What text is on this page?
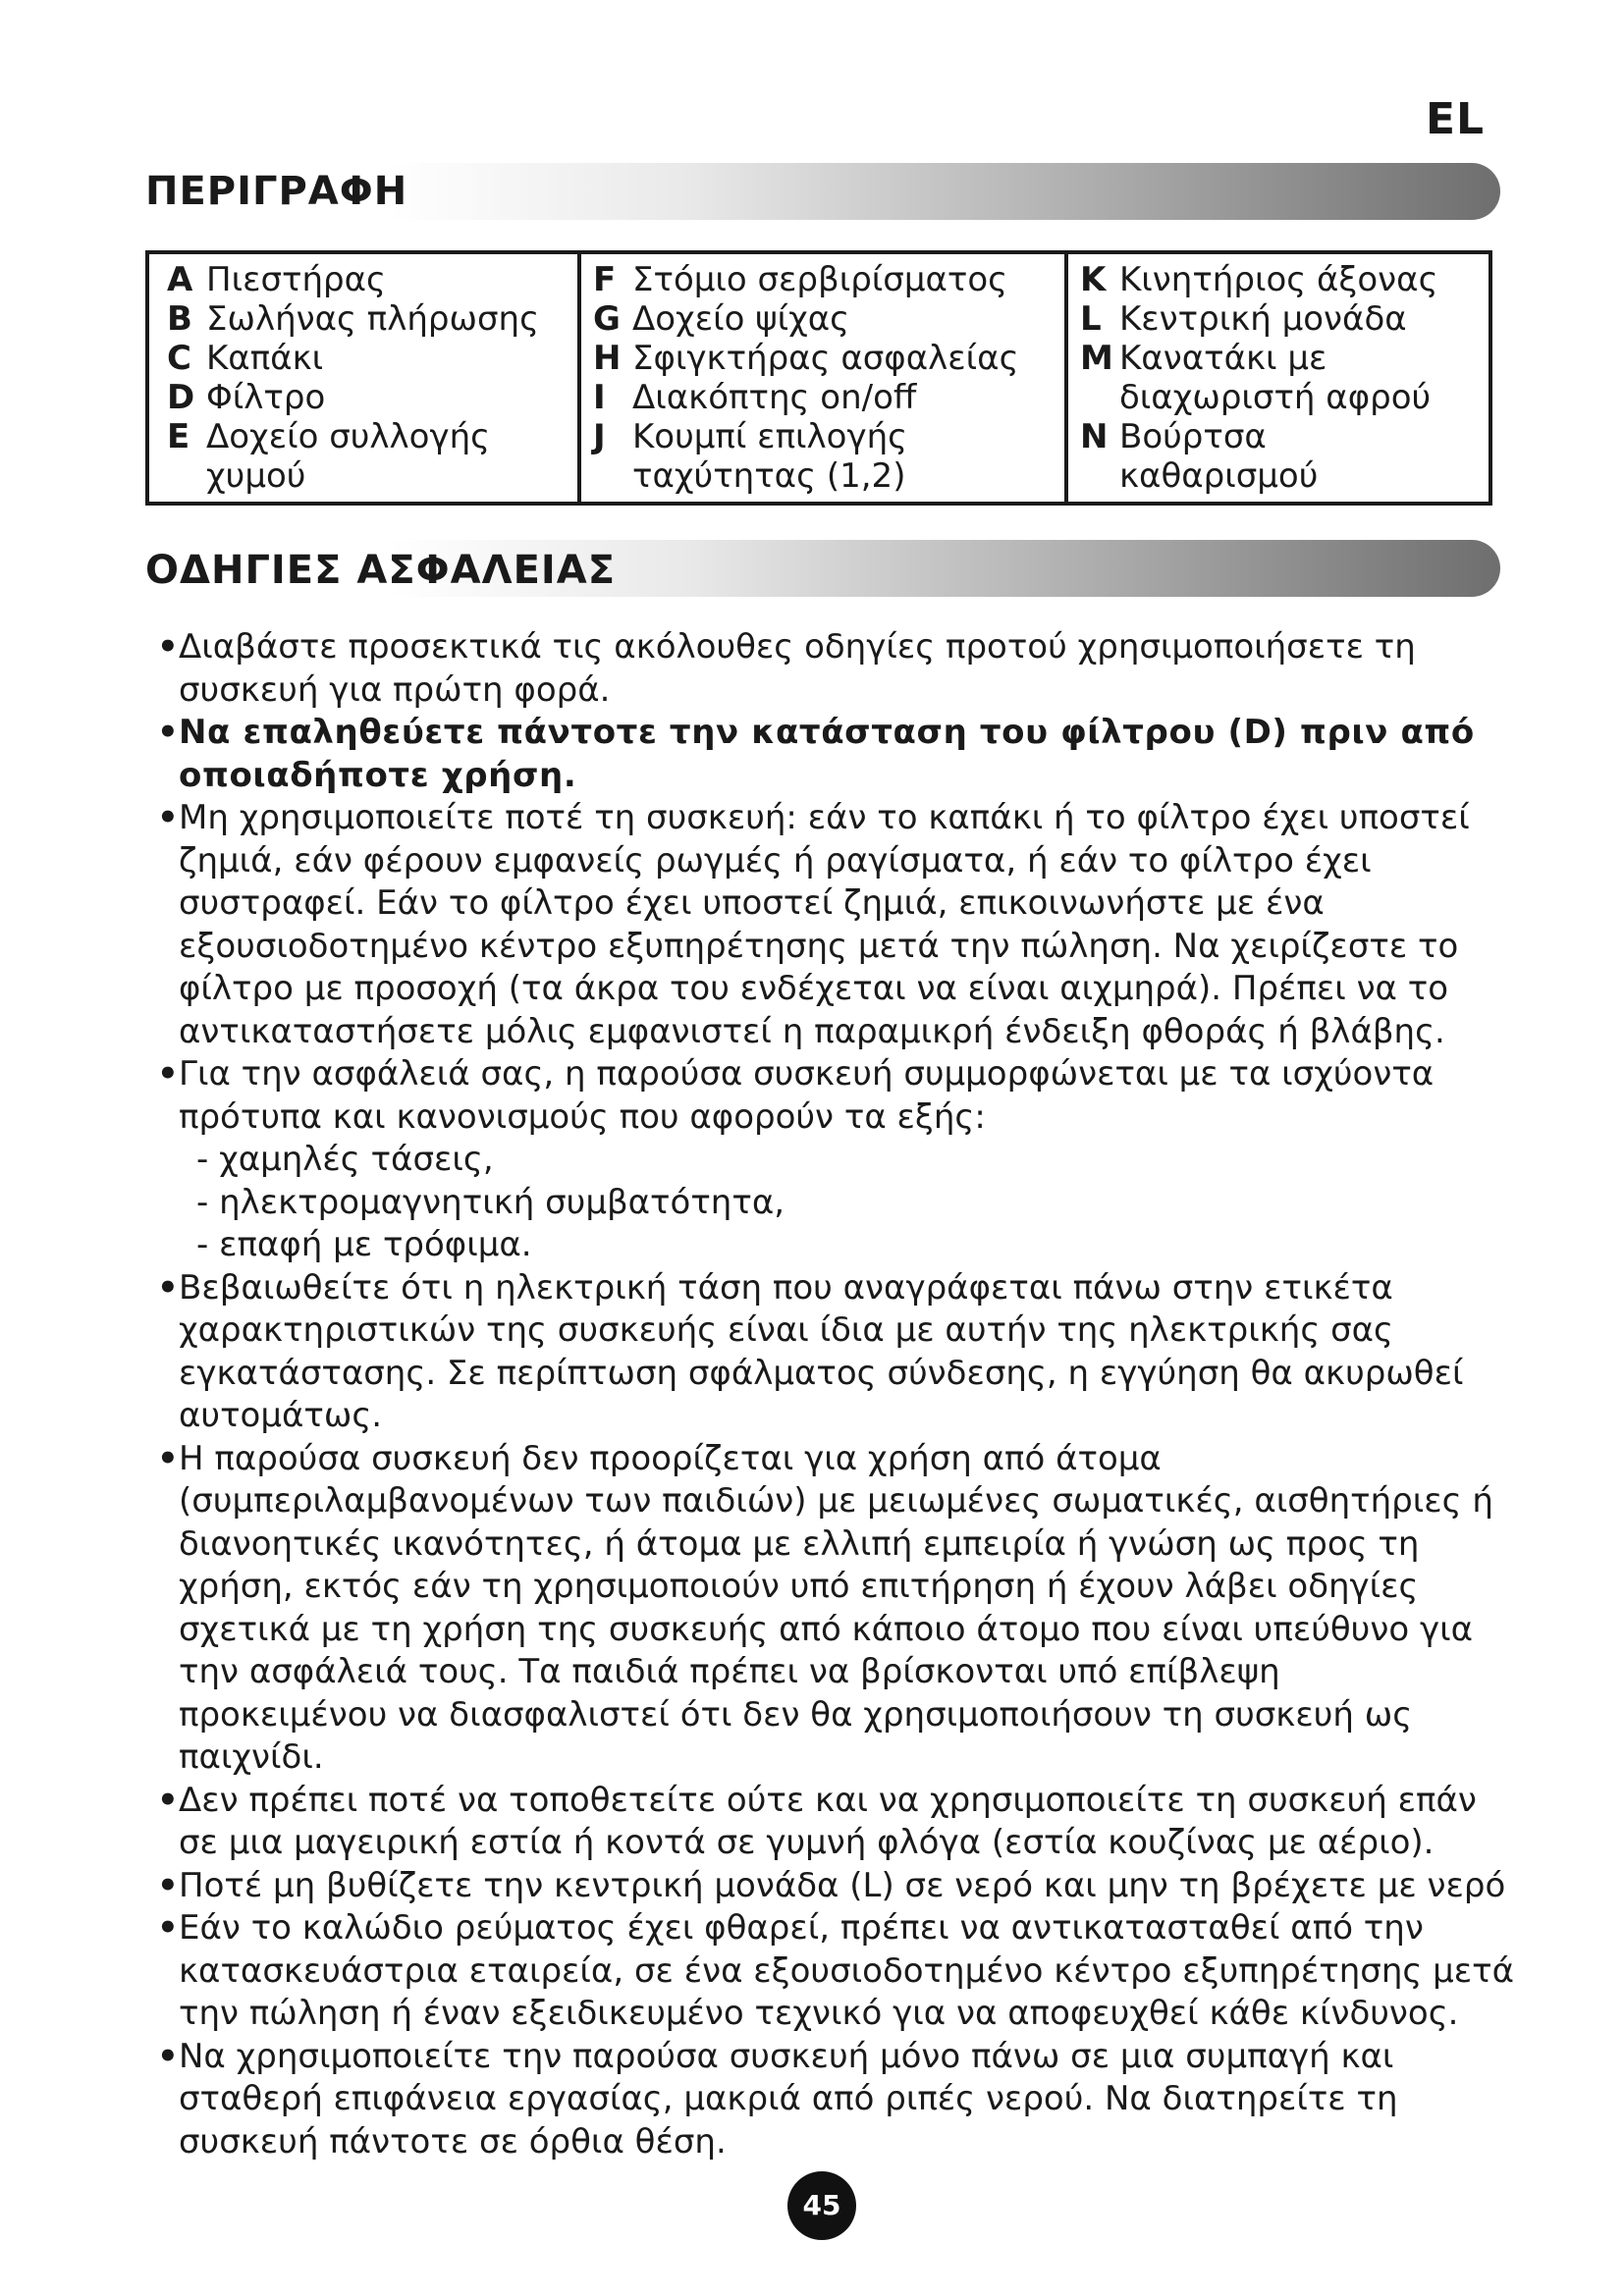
EL
ΠΕΡΙΓΡΑΦΗ
A Πιεστήρας
B Σωλήνας πλήρωσης
C Καπάκι
D Φίλτρο
E Δοχείο συλλογής
χυμού
F Στόμιο σερβιρίσματος
G Δοχείο ψίχας
H Σφιγκτήρας ασφαλείας
I Διακόπτης on/off
J Κουμπί επιλογής
ταχύτητας (1,2)
K Κινητήριος άξονας
L Κεντρική μονάδα
M Κανατάκι με
διαχωριστή αφρού
N Βούρτσα
καθαρισμού
ΟΔΗΓΙΕΣ ΑΣΦΑΛΕΙΑΣ
• Διαβάστε προσεκτικά τις ακόλουθες οδηγίες προτού χρησιμοποιήσετε τη
συσκευή για πρώτη φορά.
• Να επαληθεύετε πάντοτε την κατάσταση του φίλτρου (D) πριν από
οποιαδήποτε χρήση.
• Μη χρησιμοποιείτε ποτέ τη συσκευή: εάν το καπάκι ή το φίλτρο έχει υποστεί
ζημιά, εάν φέρουν εμφανείς ρωγμές ή ραγίσματα, ή εάν το φίλτρο έχει
συστραφεί. Εάν το φίλτρο έχει υποστεί ζημιά, επικοινωνήστε με ένα
εξουσιοδοτημένο κέντρο εξυπηρέτησης μετά την πώληση. Να χειρίζεστε το
φίλτρο με προσοχή (τα άκρα του ενδέχεται να είναι αιχμηρά). Πρέπει να το
αντικαταστήσετε μόλις εμφανιστεί η παραμικρή ένδειξη φθοράς ή βλάβης.
• Για την ασφάλειά σας, η παρούσα συσκευή συμμορφώνεται με τα ισχύοντα
πρότυπα και κανονισμούς που αφορούν τα εξής:
- χαμηλές τάσεις,
- ηλεκτρομαγνητική συμβατότητα,
- επαφή με τρόφιμα.
• Βεβαιωθείτε ότι η ηλεκτρική τάση που αναγράφεται πάνω στην ετικέτα
χαρακτηριστικών της συσκευής είναι ίδια με αυτήν της ηλεκτρικής σας
εγκατάστασης. Σε περίπτωση σφάλματος σύνδεσης, η εγγύηση θα ακυρωθεί
αυτομάτως.
• Η παρούσα συσκευή δεν προορίζεται για χρήση από άτομα
(συμπεριλαμβανομένων των παιδιών) με μειωμένες σωματικές, αισθητήριες ή
διανοητικές ικανότητες, ή άτομα με ελλιπή εμπειρία ή γνώση ως προς τη
χρήση, εκτός εάν τη χρησιμοποιούν υπό επιτήρηση ή έχουν λάβει οδηγίες
σχετικά με τη χρήση της συσκευής από κάποιο άτομο που είναι υπεύθυνο για
την ασφάλειά τους. Τα παιδιά πρέπει να βρίσκονται υπό επίβλεψη
προκειμένου να διασφαλιστεί ότι δεν θα χρησιμοποιήσουν τη συσκευή ως
παιχνίδι.
• Δεν πρέπει ποτέ να τοποθετείτε ούτε και να χρησιμοποιείτε τη συσκευή επάν
σε μια μαγειρική εστία ή κοντά σε γυμνή φλόγα (εστία κουζίνας με αέριο).
• Ποτέ μη βυθίζετε την κεντρική μονάδα (L) σε νερό και μην τη βρέχετε με νερό
• Εάν το καλώδιο ρεύματος έχει φθαρεί, πρέπει να αντικατασταθεί από την
κατασκευάστρια εταιρεία, σε ένα εξουσιοδοτημένο κέντρο εξυπηρέτησης μετά
την πώληση ή έναν εξειδικευμένο τεχνικό για να αποφευχθεί κάθε κίνδυνος.
• Να χρησιμοποιείτε την παρούσα συσκευή μόνο πάνω σε μια συμπαγή και
σταθερή επιφάνεια εργασίας, μακριά από ριπές νερού. Να διατηρείτε τη
συσκευή πάντοτε σε όρθια θέση.
45
